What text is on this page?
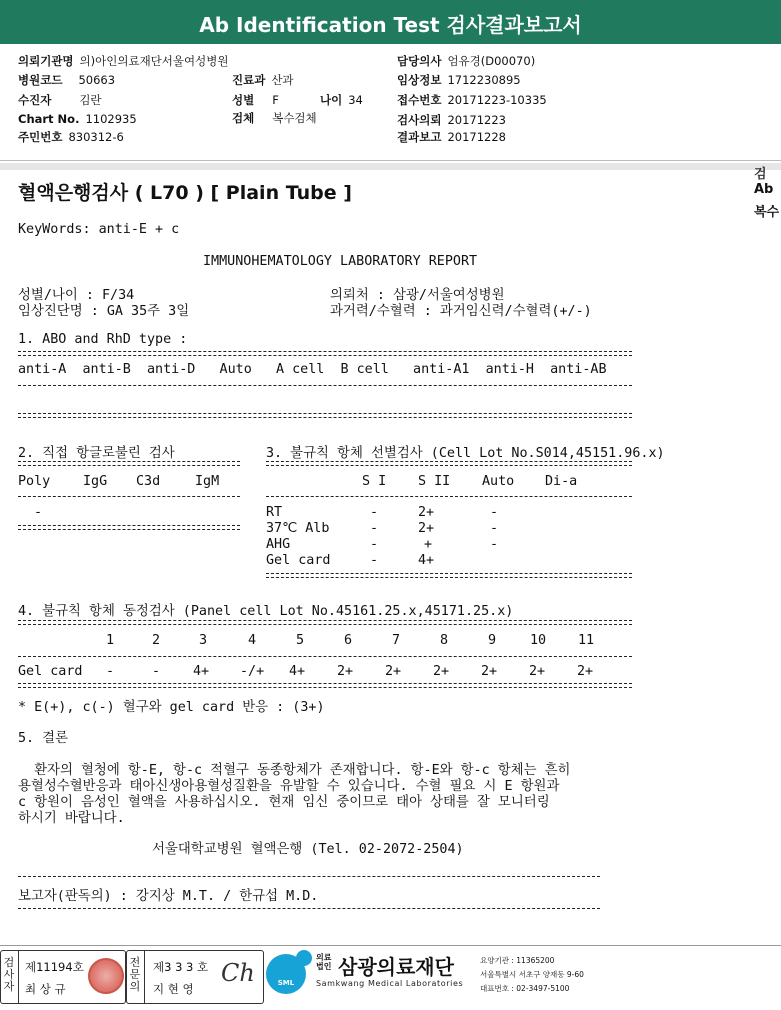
Ab Identification Test 검사결과보고서
의뢰기관명 의)아인의료재단서울여성병원
병원코드 50663	진료과 산과
수진자 김란	성별 F	나이 34
Chart No. 1102935	검체 복수검체
주민번호 830312-6
담당의사 엄유경(D00070)
임상정보 1712230895
접수번호 20171223-10335
검사의뢰 20171223
결과보고 20171228
혈액은행검사 ( L70 ) [ Plain Tube ]
검
Ab
복수
KeyWords: anti-E + c
IMMUNOHEMATOLOGY LABORATORY REPORT
성별/나이 : F/34
임상진단명 : GA 35주 3일
의뢰처 : 삼광/서울여성병원
과거력/수혈력 : 과거임신력/수혈력(+/-)
1. ABO and RhD type :
anti-A  anti-B  anti-D   Auto   A cell  B cell   anti-A1  anti-H  anti-AB
2. 직접 항글로불린 검사
Poly IgG C3d	IgM
-
3. 불규칙 항체 선별검사 (Cell Lot No.S014,45151.96.x)
S I S II Auto Di-a
RT	-	2+	-
37℃ Alb	-	2+	-
AHG	-	+	-
Gel card	-	4+
4. 불규칙 항체 동정검사 (Panel cell Lot No.45161.25.x,45171.25.x)
1	2	3	4	5	6	7	8	9	10 11
Gel card -	- 4+ -/+ 4+ 2+ 2+ 2+ 2+ 2+ 2+
* E(+), c(-) 혈구와 gel card 반응 : (3+)
5. 결론
환자의 혈청에 항-E, 항-c 적혈구 동종항체가 존재합니다. 항-E와 항-c 항체는 흔히
용혈성수혈반응과 태아신생아용혈성질환을 유발할 수 있습니다. 수혈 필요 시 E 항원과
c 항원이 음성인 혈액을 사용하십시오. 현재 임신 중이므로 태아 상태를 잘 모니터링
하시기 바랍니다.
서울대학교병원 혈액은행 (Tel. 02-2072-2504)
보고자(판독의) : 강지상 M.T. / 한규섭 M.D.
검사자
제11194호
최 상 규
전문의
제3 3 3 호
지 현 영
Ch	SML
의료법인 삼광의료재단
Samkwang Medical Laboratories
요양기관 : 11365200
서울특별시 서초구 양재동 9-60
대표번호 : 02-3497-5100
